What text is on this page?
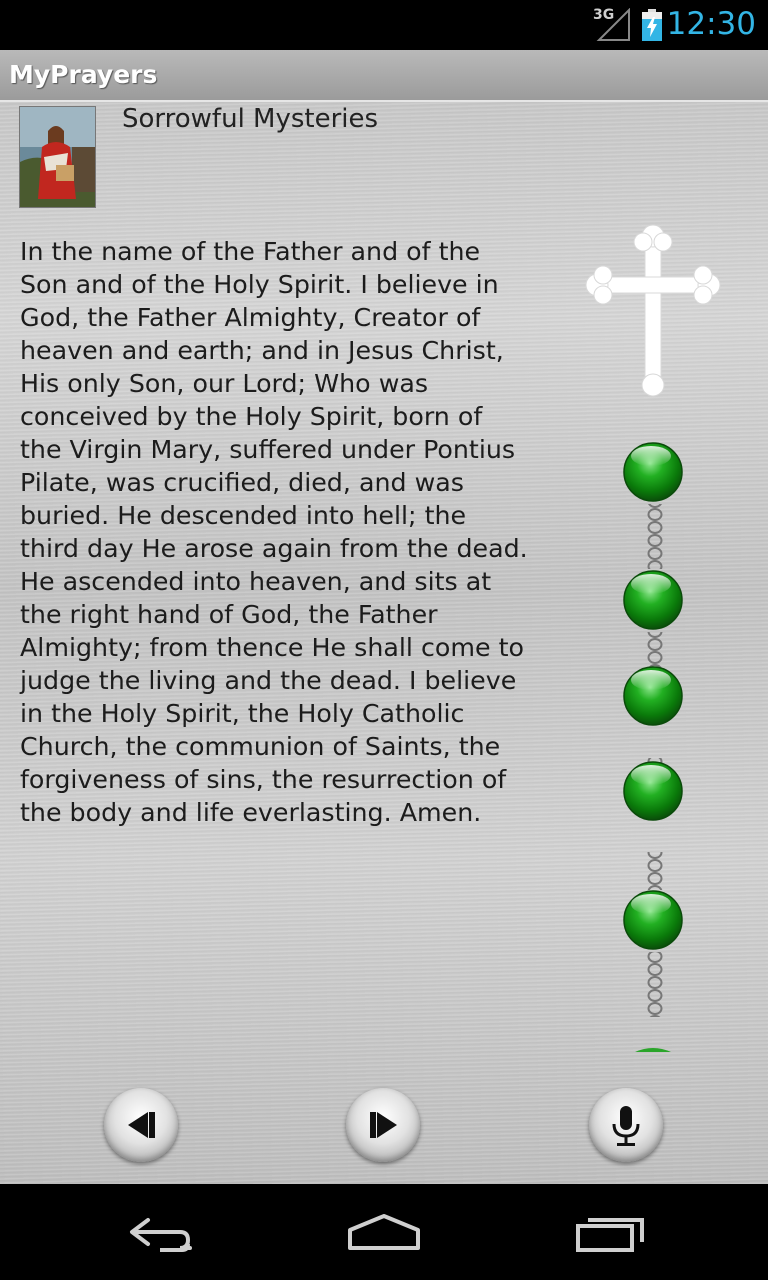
3G 12:30
MyPrayers
Sorrowful Mysteries
In the name of the Father and of the Son and of the Holy Spirit. I believe in God, the Father Almighty, Creator of heaven and earth; and in Jesus Christ, His only Son, our Lord; Who was conceived by the Holy Spirit, born of the Virgin Mary, suffered under Pontius Pilate, was crucified, died, and was buried. He descended into hell; the third day He arose again from the dead. He ascended into heaven, and sits at the right hand of God, the Father Almighty; from thence He shall come to judge the living and the dead. I believe in the Holy Spirit, the Holy Catholic Church, the communion of Saints, the forgiveness of sins, the resurrection of the body and life everlasting. Amen.
